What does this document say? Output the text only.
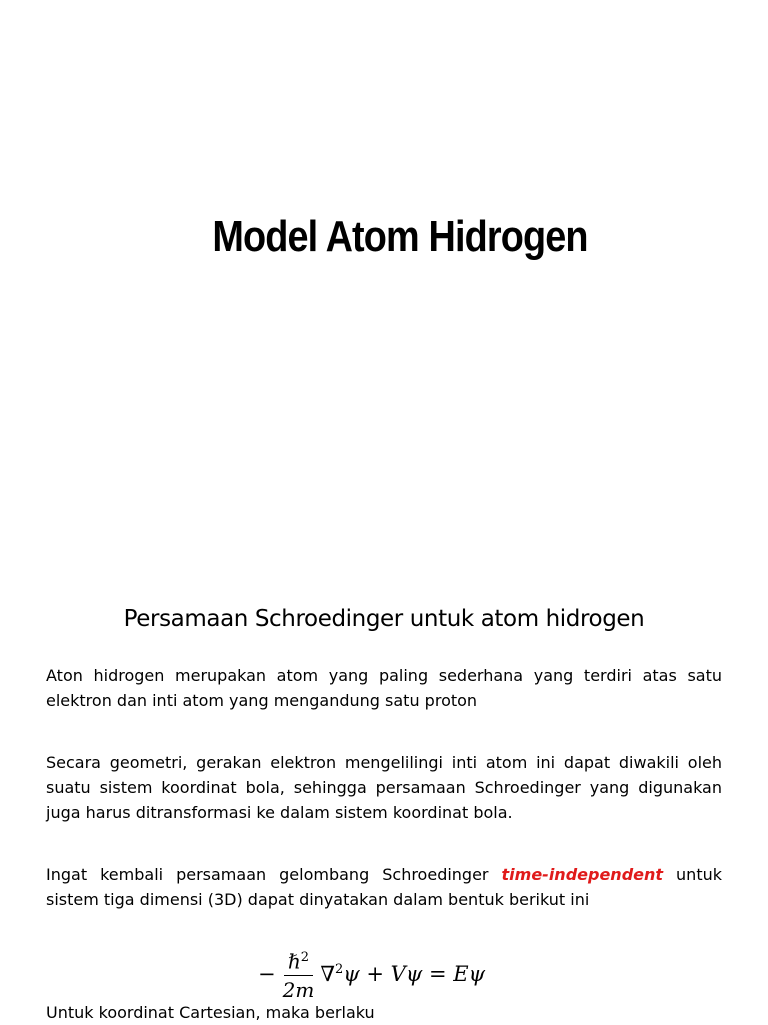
Model Atom Hidrogen
Persamaan Schroedinger untuk atom hidrogen
Aton hidrogen merupakan atom yang paling sederhana yang terdiri atas satu elektron dan inti atom yang mengandung satu proton
Secara geometri, gerakan elektron mengelilingi inti atom ini dapat diwakili oleh suatu sistem koordinat bola, sehingga persamaan Schroedinger yang digunakan juga harus ditransformasi ke dalam sistem koordinat bola.
Ingat kembali persamaan gelombang Schroedinger time-independent untuk sistem tiga dimensi (3D) dapat dinyatakan dalam bentuk berikut ini
− $\frac{\hbar^2}{2m} \nabla^2\psi + V\psi = E\psi$
Untuk koordinat Cartesian, maka berlaku
